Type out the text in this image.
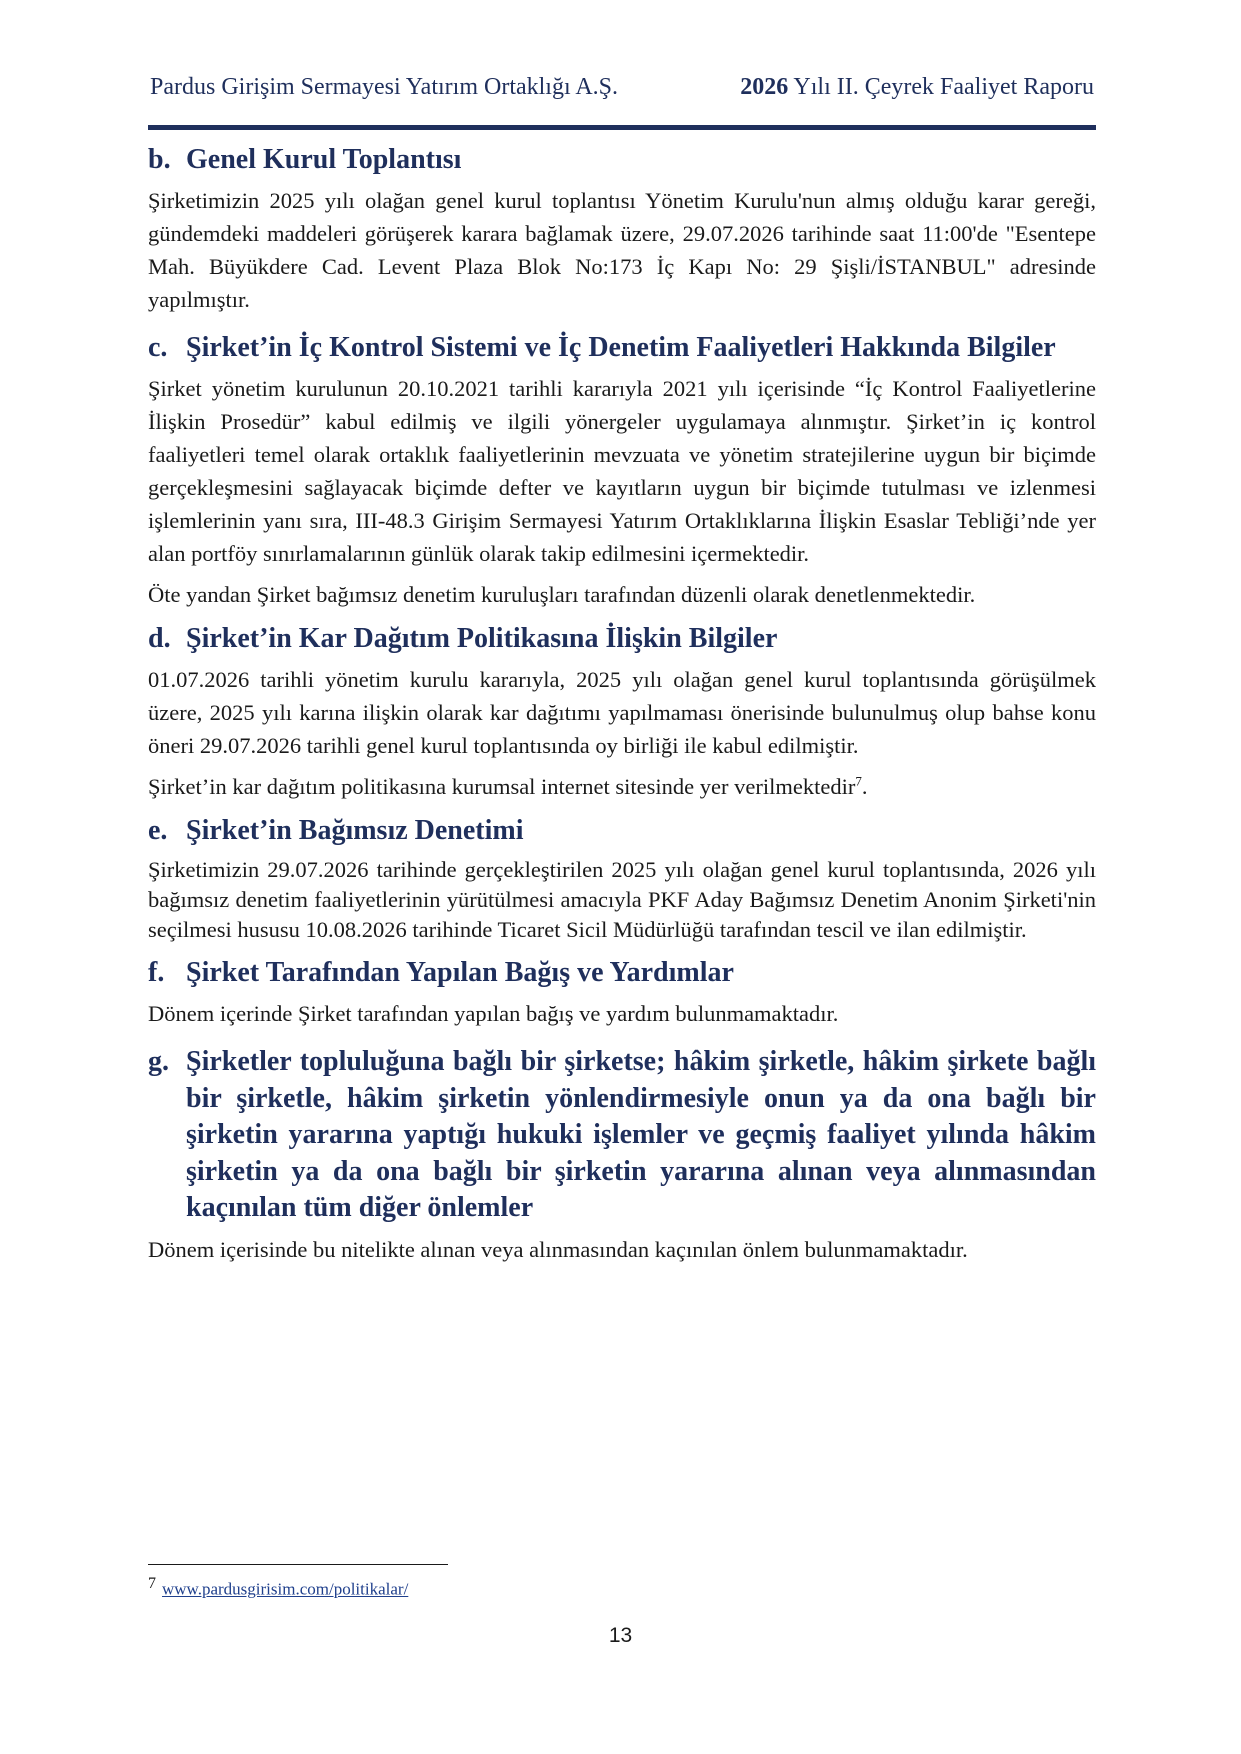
Pardus Girişim Sermayesi Yatırım Ortaklığı A.Ş.	2026 Yılı II. Çeyrek Faaliyet Raporu
b. Genel Kurul Toplantısı

Şirketimizin 2025 yılı olağan genel kurul toplantısı Yönetim Kurulu'nun almış olduğu karar gereği, gündemdeki maddeleri görüşerek karara bağlamak üzere, 29.07.2026 tarihinde saat 11:00'de "Esentepe Mah. Büyükdere Cad. Levent Plaza Blok No:173 İç Kapı No: 29 Şişli/İSTANBUL" adresinde yapılmıştır.

c. Şirket’in İç Kontrol Sistemi ve İç Denetim Faaliyetleri Hakkında Bilgiler

Şirket yönetim kurulunun 20.10.2021 tarihli kararıyla 2021 yılı içerisinde “İç Kontrol Faaliyetlerine İlişkin Prosedür” kabul edilmiş ve ilgili yönergeler uygulamaya alınmıştır. Şirket’in iç kontrol faaliyetleri temel olarak ortaklık faaliyetlerinin mevzuata ve yönetim stratejilerine uygun bir biçimde gerçekleşmesini sağlayacak biçimde defter ve kayıtların uygun bir biçimde tutulması ve izlenmesi işlemlerinin yanı sıra, III-48.3 Girişim Sermayesi Yatırım Ortaklıklarına İlişkin Esaslar Tebliği’nde yer alan portföy sınırlamalarının günlük olarak takip edilmesini içermektedir.

Öte yandan Şirket bağımsız denetim kuruluşları tarafından düzenli olarak denetlenmektedir.

d. Şirket’in Kar Dağıtım Politikasına İlişkin Bilgiler

01.07.2026 tarihli yönetim kurulu kararıyla, 2025 yılı olağan genel kurul toplantısında görüşülmek üzere, 2025 yılı karına ilişkin olarak kar dağıtımı yapılmaması önerisinde bulunulmuş olup bahse konu öneri 29.07.2026 tarihli genel kurul toplantısında oy birliği ile kabul edilmiştir.

Şirket’in kar dağıtım politikasına kurumsal internet sitesinde yer verilmektedir$^7$.

e. Şirket’in Bağımsız Denetimi

Şirketimizin 29.07.2026 tarihinde gerçekleştirilen 2025 yılı olağan genel kurul toplantısında, 2026 yılı bağımsız denetim faaliyetlerinin yürütülmesi amacıyla PKF Aday Bağımsız Denetim Anonim Şirketi'nin seçilmesi hususu 10.08.2026 tarihinde Ticaret Sicil Müdürlüğü tarafından tescil ve ilan edilmiştir.

f. Şirket Tarafından Yapılan Bağış ve Yardımlar

Dönem içerinde Şirket tarafından yapılan bağış ve yardım bulunmamaktadır.

g. Şirketler topluluğuna bağlı bir şirketse; hâkim şirketle, hâkim şirkete bağlı bir şirketle, hâkim şirketin yönlendirmesiyle onun ya da ona bağlı bir şirketin yararına yaptığı hukuki işlemler ve geçmiş faaliyet yılında hâkim şirketin ya da ona bağlı bir şirketin yararına alınan veya alınmasından kaçınılan tüm diğer önlemler

Dönem içerisinde bu nitelikte alınan veya alınmasından kaçınılan önlem bulunmamaktadır.

7 www.pardusgirisim.com/politikalar/
13
